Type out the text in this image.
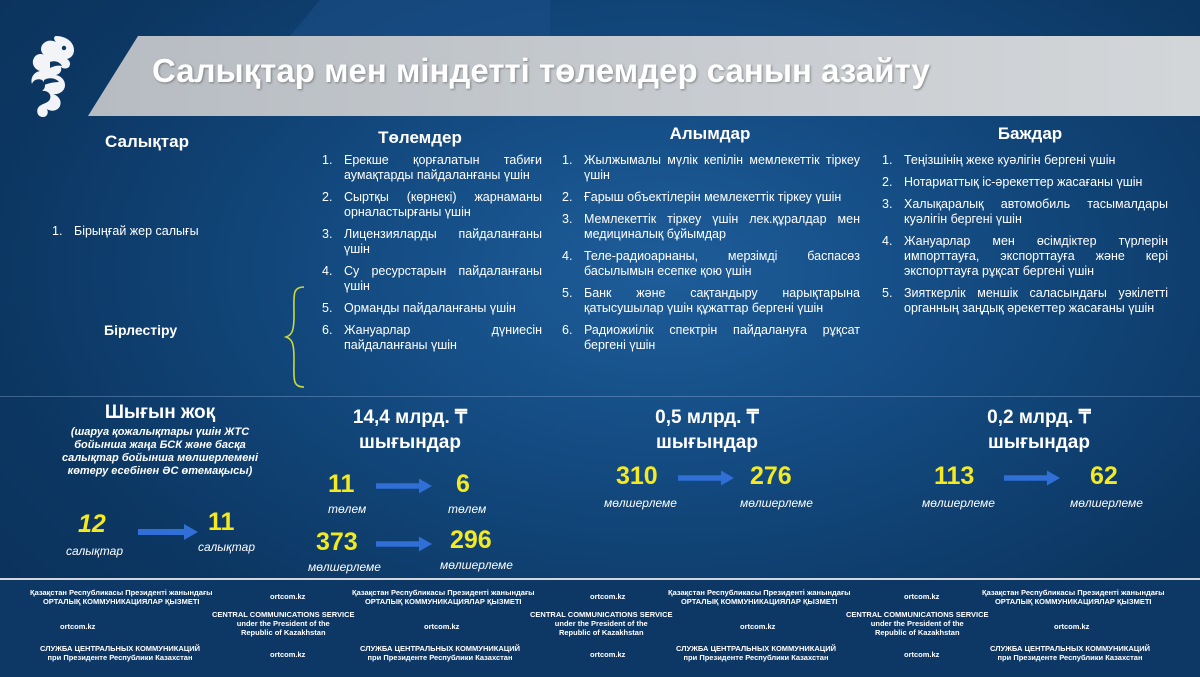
Салықтар мен міндетті төлемдер санын азайту
Салықтар	Төлемдер	Алымдар	Баждар
1. Бірыңғай жер салығы
Бірлестіру
1. Ерекше қорғалатын табиғи аумақтарды пайдаланғаны үшін
2. Сыртқы (көрнекі) жарнаманы орналастырғаны үшін
3. Лицензияларды пайдаланғаны үшін
4. Су ресурстарын пайдаланғаны үшін
5. Орманды пайдаланғаны үшін
6. Жануарлар дүниесін пайдаланғаны үшін
1. Жылжымалы мүлік кепілін мемлекеттік тіркеу үшін
2. Ғарыш объектілерін мемлекеттік тіркеу үшін
3. Мемлекеттік тіркеу үшін лек.құралдар мен медициналық бұйымдар
4. Теле-радиоарнаны, мерзімді баспасөз басылымын есепке қою үшін
5. Банк және сақтандыру нарықтарына қатысушылар үшін құжаттар бергені үшін
6. Радиожиілік спектрін пайдалануға рұқсат бергені үшін
1. Теңізшінің жеке куәлігін бергені үшін
2. Нотариаттық іс-әрекеттер жасағаны үшін
3. Халықаралық автомобиль тасымалдары куәлігін бергені үшін
4. Жануарлар мен өсімдіктер түрлерін импорттауға, экспорттауға және кері экспорттауға рұқсат бергені үшін
5. Зияткерлік меншік саласындағы уәкілетті органның заңдық әрекеттер жасағаны үшін
Шығын жоқ
(шаруа қожалықтары үшін ЖТС бойынша жаңа БСК және басқа салықтар бойынша мөлшерлемені көтеру есебінен ӘС өтемақысы)
12
салықтар
11
салықтар
14,4 млрд. ₸
шығындар
11
төлем
6
төлем
373
мөлшерлеме
296
мөлшерлеме
0,5 млрд. ₸
шығындар
310
мөлшерлеме
276
мөлшерлеме
0,2 млрд. ₸
шығындар
113
мөлшерлеме
62
мөлшерлеме
Қазақстан Республикасы Президенті жанындағы
ОРТАЛЫҚ КОММУНИКАЦИЯЛАР ҚЫЗМЕТІ
ortcom.kz	Қазақстан Республикасы Президенті жанындағы
ОРТАЛЫҚ КОММУНИКАЦИЯЛАР ҚЫЗМЕТІ
ortcom.kz	Қазақстан Республикасы Президенті жанындағы
ОРТАЛЫҚ КОММУНИКАЦИЯЛАР ҚЫЗМЕТІ
ortcom.kz	Қазақстан Республикасы Президенті жанындағы
ОРТАЛЫҚ КОММУНИКАЦИЯЛАР ҚЫЗМЕТІ
ortcom.kz
CENTRAL COMMUNICATIONS SERVICE
under the President of the
Republic of Kazakhstan
ortcom.kz
CENTRAL COMMUNICATIONS SERVICE
under the President of the
Republic of Kazakhstan
ortcom.kz
CENTRAL COMMUNICATIONS SERVICE
under the President of the
Republic of Kazakhstan
ortcom.kz
СЛУЖБА ЦЕНТРАЛЬНЫХ КОММУНИКАЦИЙ
при Президенте Республики Казахстан	ortcom.kz
СЛУЖБА ЦЕНТРАЛЬНЫХ КОММУНИКАЦИЙ
при Президенте Республики Казахстан	ortcom.kz
СЛУЖБА ЦЕНТРАЛЬНЫХ КОММУНИКАЦИЙ
при Президенте Республики Казахстан	ortcom.kz
СЛУЖБА ЦЕНТРАЛЬНЫХ КОММУНИКАЦИЙ
при Президенте Республики Казахстан
